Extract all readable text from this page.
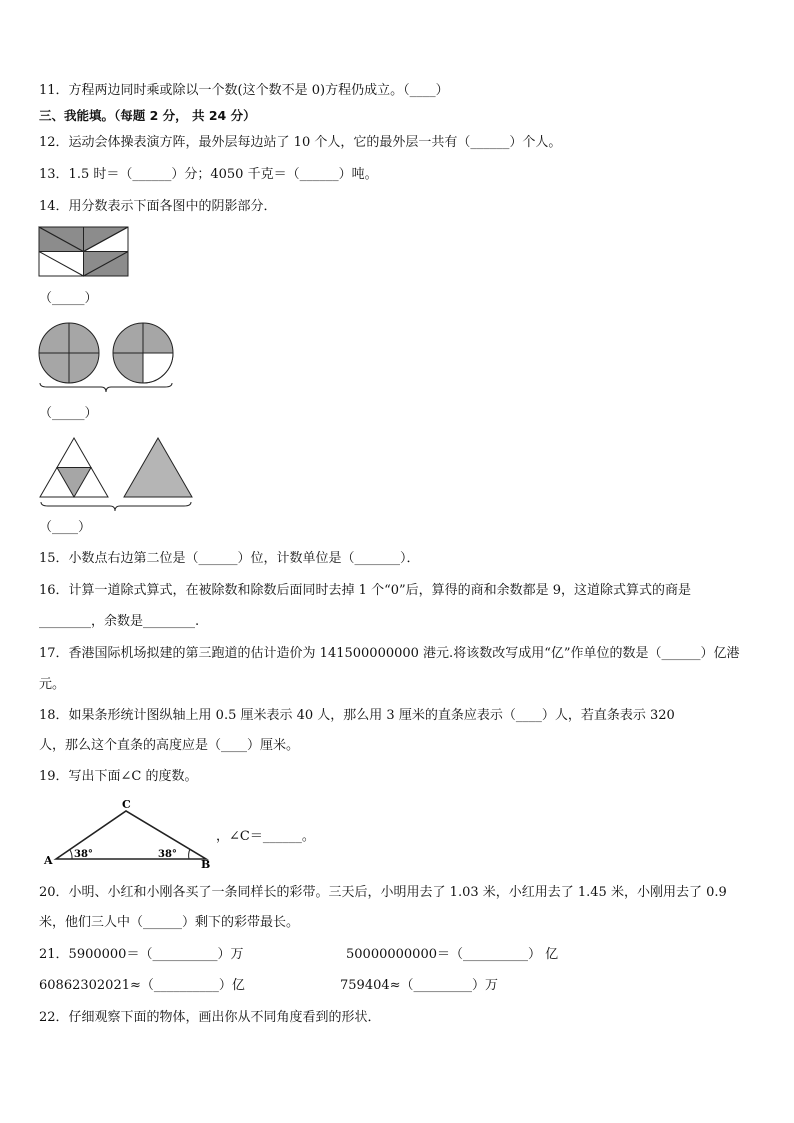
11．方程两边同时乘或除以一个数(这个数不是 0)方程仍成立。（____）
三、我能填。（每题 2 分， 共 24 分）
12．运动会体操表演方阵，最外层每边站了 10 个人，它的最外层一共有（______）个人。
13．1.5 时＝（______）分；4050 千克＝（______）吨。
14．用分数表示下面各图中的阴影部分．
（_____）
（_____）
（____）
15．小数点右边第二位是（______）位，计数单位是（_______）．
16．计算一道除式算式，在被除数和除数后面同时去掉 1 个“0”后，算得的商和余数都是 9，这道除式算式的商是
________，余数是________.
17．香港国际机场拟建的第三跑道的估计造价为 141500000000 港元.将该数改写成用“亿”作单位的数是（______）亿港
元。
18．如果条形统计图纵轴上用 0.5 厘米表示 40 人，那么用 3 厘米的直条应表示（____）人，若直条表示 320
人，那么这个直条的高度应是（____）厘米。
19．写出下面∠C 的度数。
C
A	B
38°	38°
，∠C＝______。
20．小明、小红和小刚各买了一条同样长的彩带。三天后，小明用去了 1.03 米，小红用去了 1.45 米，小刚用去了 0.9
米，他们三人中（______）剩下的彩带最长。
21．5900000＝（__________）万	50000000000＝（__________） 亿
60862302021≈（__________）亿	759404≈（_________）万
22．仔细观察下面的物体，画出你从不同角度看到的形状．
